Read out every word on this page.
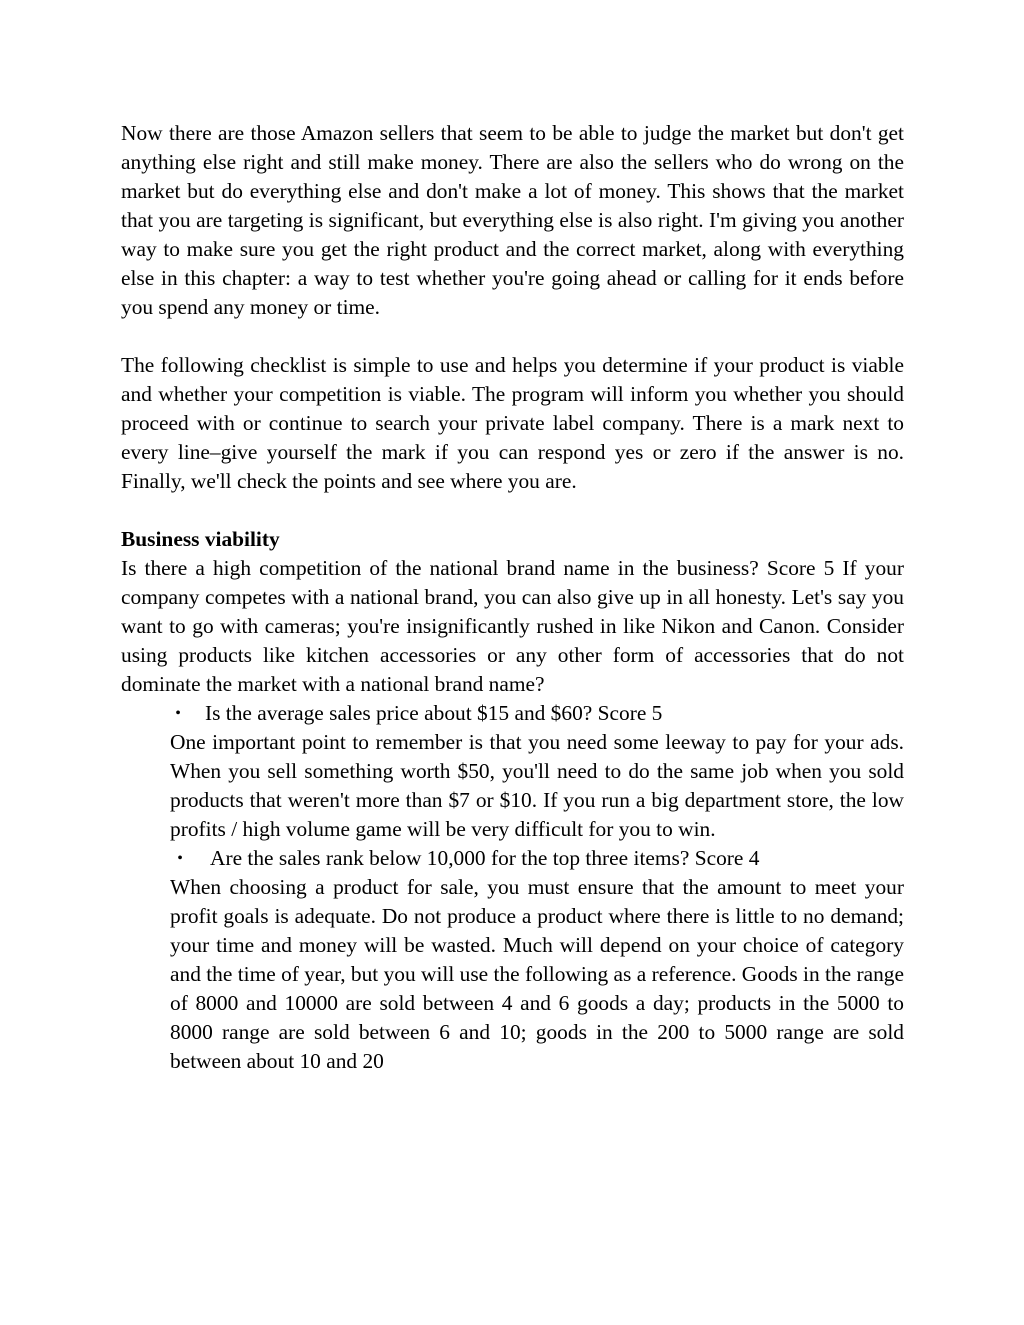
Now there are those Amazon sellers that seem to be able to judge the market but don't get anything else right and still make money. There are also the sellers who do wrong on the market but do everything else and don't make a lot of money. This shows that the market that you are targeting is significant, but everything else is also right. I'm giving you another way to make sure you get the right product and the correct market, along with everything else in this chapter: a way to test whether you're going ahead or calling for it ends before you spend any money or time.

The following checklist is simple to use and helps you determine if your product is viable and whether your competition is viable. The program will inform you whether you should proceed with or continue to search your private label company. There is a mark next to every line–give yourself the mark if you can respond yes or zero if the answer is no. Finally, we'll check the points and see where you are.

Business viability

Is there a high competition of the national brand name in the business? Score 5 If your company competes with a national brand, you can also give up in all honesty. Let's say you want to go with cameras; you're insignificantly rushed in like Nikon and Canon. Consider using products like kitchen accessories or any other form of accessories that do not dominate the market with a national brand name?

• Is the average sales price about $15 and $60? Score 5

One important point to remember is that you need some leeway to pay for your ads. When you sell something worth $50, you'll need to do the same job when you sold products that weren't more than $7 or $10. If you run a big department store, the low profits / high volume game will be very difficult for you to win.

• Are the sales rank below 10,000 for the top three items? Score 4

When choosing a product for sale, you must ensure that the amount to meet your profit goals is adequate. Do not produce a product where there is little to no demand; your time and money will be wasted. Much will depend on your choice of category and the time of year, but you will use the following as a reference. Goods in the range of 8000 and 10000 are sold between 4 and 6 goods a day; products in the 5000 to 8000 range are sold between 6 and 10; goods in the 200 to 5000 range are sold between about 10 and 20
